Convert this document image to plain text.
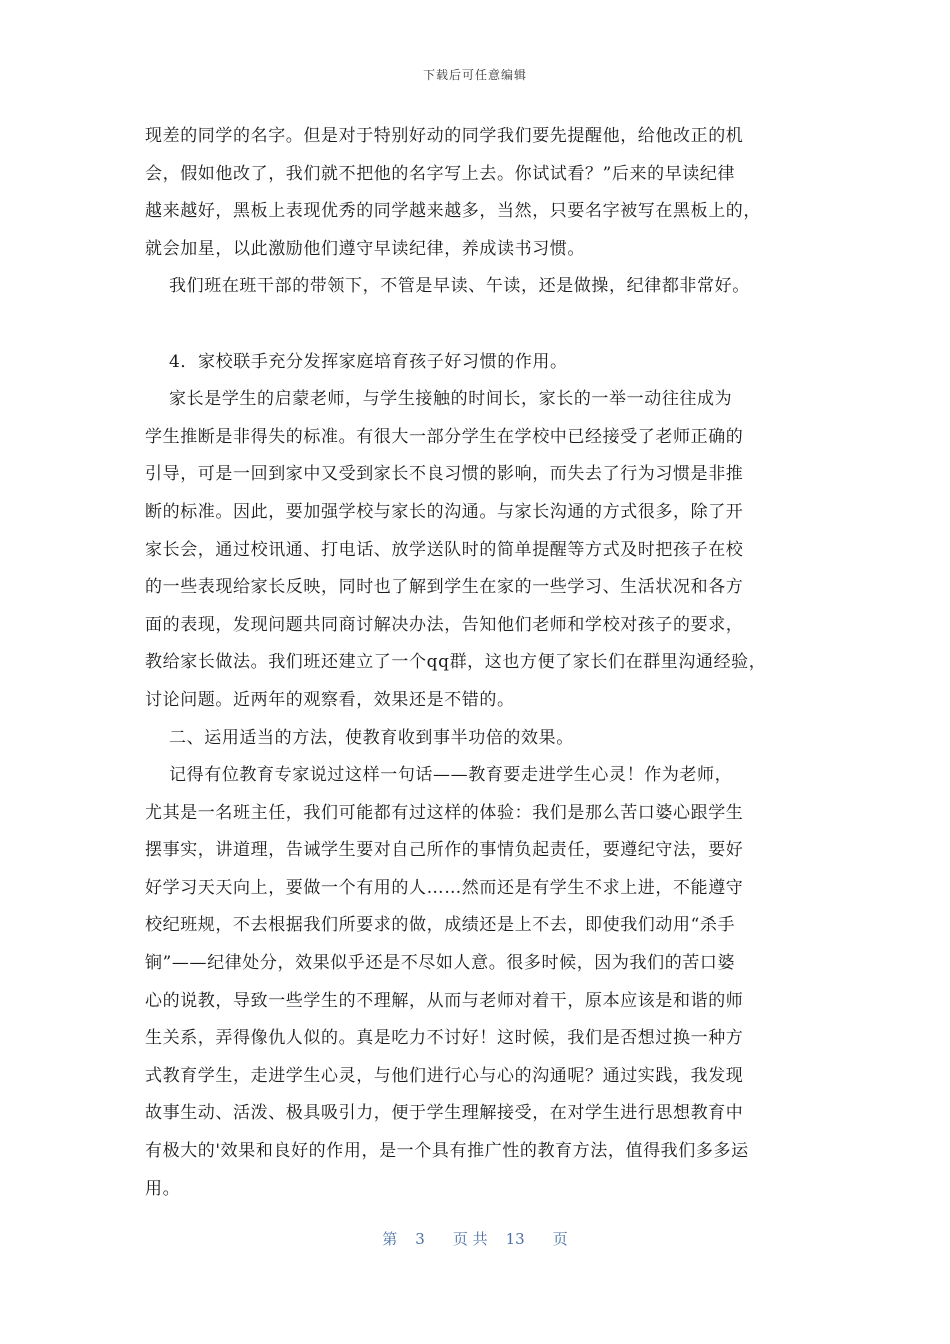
下载后可任意编辑
现差的同学的名字。但是对于特别好动的同学我们要先提醒他，给他改正的机
会，假如他改了，我们就不把他的名字写上去。你试试看？”后来的早读纪律
越来越好，黑板上表现优秀的同学越来越多，当然，只要名字被写在黑板上的，
就会加星，以此激励他们遵守早读纪律，养成读书习惯。
我们班在班干部的带领下，不管是早读、午读，还是做操，纪律都非常好。
4．家校联手充分发挥家庭培育孩子好习惯的作用。
家长是学生的启蒙老师，与学生接触的时间长，家长的一举一动往往成为
学生推断是非得失的标准。有很大一部分学生在学校中已经接受了老师正确的
引导，可是一回到家中又受到家长不良习惯的影响，而失去了行为习惯是非推
断的标准。因此，要加强学校与家长的沟通。与家长沟通的方式很多，除了开
家长会，通过校讯通、打电话、放学送队时的简单提醒等方式及时把孩子在校
的一些表现给家长反映，同时也了解到学生在家的一些学习、生活状况和各方
面的表现，发现问题共同商讨解决办法，告知他们老师和学校对孩子的要求，
教给家长做法。我们班还建立了一个qq群，这也方便了家长们在群里沟通经验，
讨论问题。近两年的观察看，效果还是不错的。
二、运用适当的方法，使教育收到事半功倍的效果。
记得有位教育专家说过这样一句话——教育要走进学生心灵！作为老师，
尤其是一名班主任，我们可能都有过这样的体验：我们是那么苦口婆心跟学生
摆事实，讲道理，告诫学生要对自己所作的事情负起责任，要遵纪守法，要好
好学习天天向上，要做一个有用的人……然而还是有学生不求上进，不能遵守
校纪班规，不去根据我们所要求的做，成绩还是上不去，即使我们动用“杀手
锏”——纪律处分，效果似乎还是不尽如人意。很多时候，因为我们的苦口婆
心的说教，导致一些学生的不理解，从而与老师对着干，原本应该是和谐的师
生关系，弄得像仇人似的。真是吃力不讨好！这时候，我们是否想过换一种方
式教育学生，走进学生心灵，与他们进行心与心的沟通呢？通过实践，我发现
故事生动、活泼、极具吸引力，便于学生理解接受，在对学生进行思想教育中
有极大的'效果和良好的作用，是一个具有推广性的教育方法，值得我们多多运
用。
第 3 页 共 13 页
